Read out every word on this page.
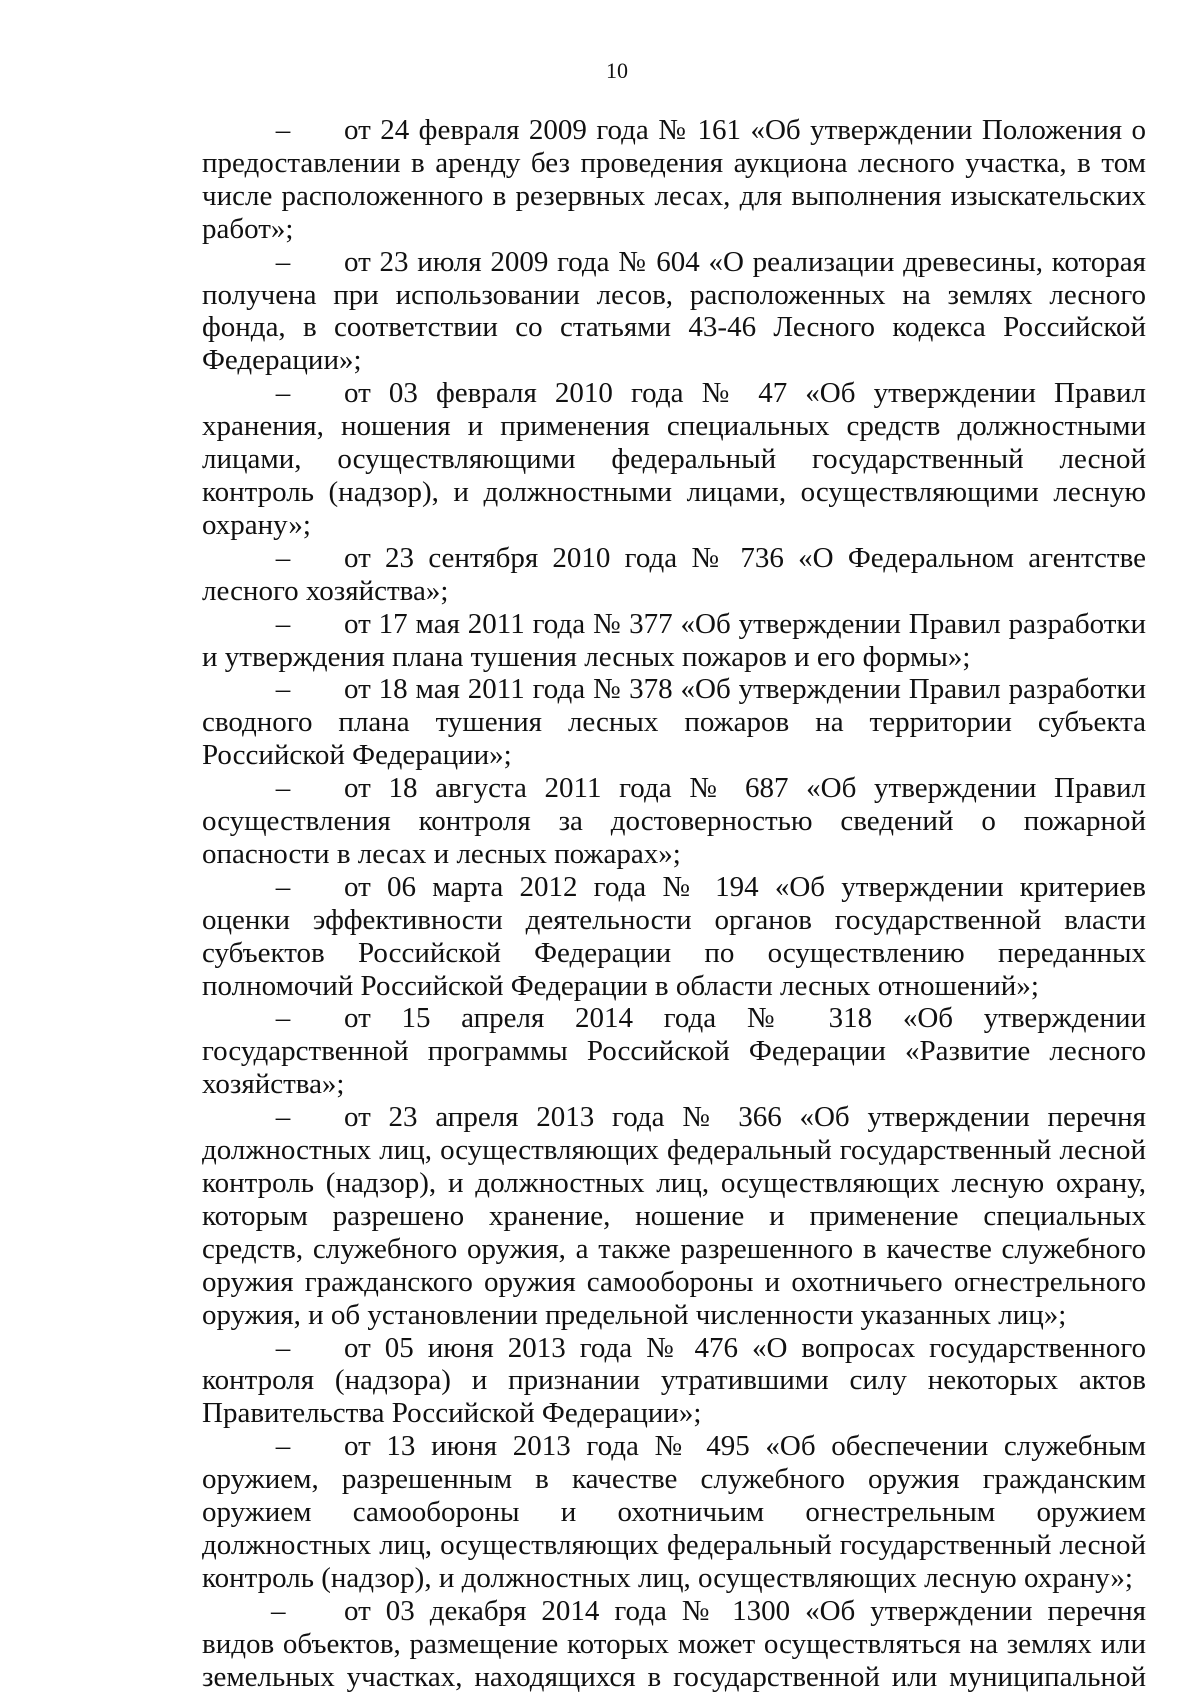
10

– от 24 февраля 2009 года № 161 «Об утверждении Положения о предоставлении в аренду без проведения аукциона лесного участка, в том числе расположенного в резервных лесах, для выполнения изыскательских работ»;

– от 23 июля 2009 года № 604 «О реализации древесины, которая получена при использовании лесов, расположенных на землях лесного фонда, в соответствии со статьями 43-46 Лесного кодекса Российской Федерации»;

– от 03 февраля 2010 года № 47 «Об утверждении Правил хранения, ношения и применения специальных средств должностными лицами, осуществляющими федеральный государственный лесной контроль (надзор), и должностными лицами, осуществляющими лесную охрану»;

– от 23 сентября 2010 года № 736 «О Федеральном агентстве лесного хозяйства»;

– от 17 мая 2011 года № 377 «Об утверждении Правил разработки и утверждения плана тушения лесных пожаров и его формы»;

– от 18 мая 2011 года № 378 «Об утверждении Правил разработки сводного плана тушения лесных пожаров на территории субъекта Российской Федерации»;

– от 18 августа 2011 года № 687 «Об утверждении Правил осуществления контроля за достоверностью сведений о пожарной опасности в лесах и лесных пожарах»;

– от 06 марта 2012 года № 194 «Об утверждении критериев оценки эффективности деятельности органов государственной власти субъектов Российской Федерации по осуществлению переданных полномочий Российской Федерации в области лесных отношений»;

– от 15 апреля 2014 года № 318 «Об утверждении государственной программы Российской Федерации «Развитие лесного хозяйства»;

– от 23 апреля 2013 года № 366 «Об утверждении перечня должностных лиц, осуществляющих федеральный государственный лесной контроль (надзор), и должностных лиц, осуществляющих лесную охрану, которым разрешено хранение, ношение и применение специальных средств, служебного оружия, а также разрешенного в качестве служебного оружия гражданского оружия самообороны и охотничьего огнестрельного оружия, и об установлении предельной численности указанных лиц»;

– от 05 июня 2013 года № 476 «О вопросах государственного контроля (надзора) и признании утратившими силу некоторых актов Правительства Российской Федерации»;

– от 13 июня 2013 года № 495 «Об обеспечении служебным оружием, разрешенным в качестве служебного оружия гражданским оружием самообороны и охотничьим огнестрельным оружием должностных лиц, осуществляющих федеральный государственный лесной контроль (надзор), и должностных лиц, осуществляющих лесную охрану»;

–	от 03 декабря 2014 года № 1300 «Об утверждении перечня видов объектов, размещение которых может осуществляться на землях или земельных участках, находящихся в государственной или муниципальной
